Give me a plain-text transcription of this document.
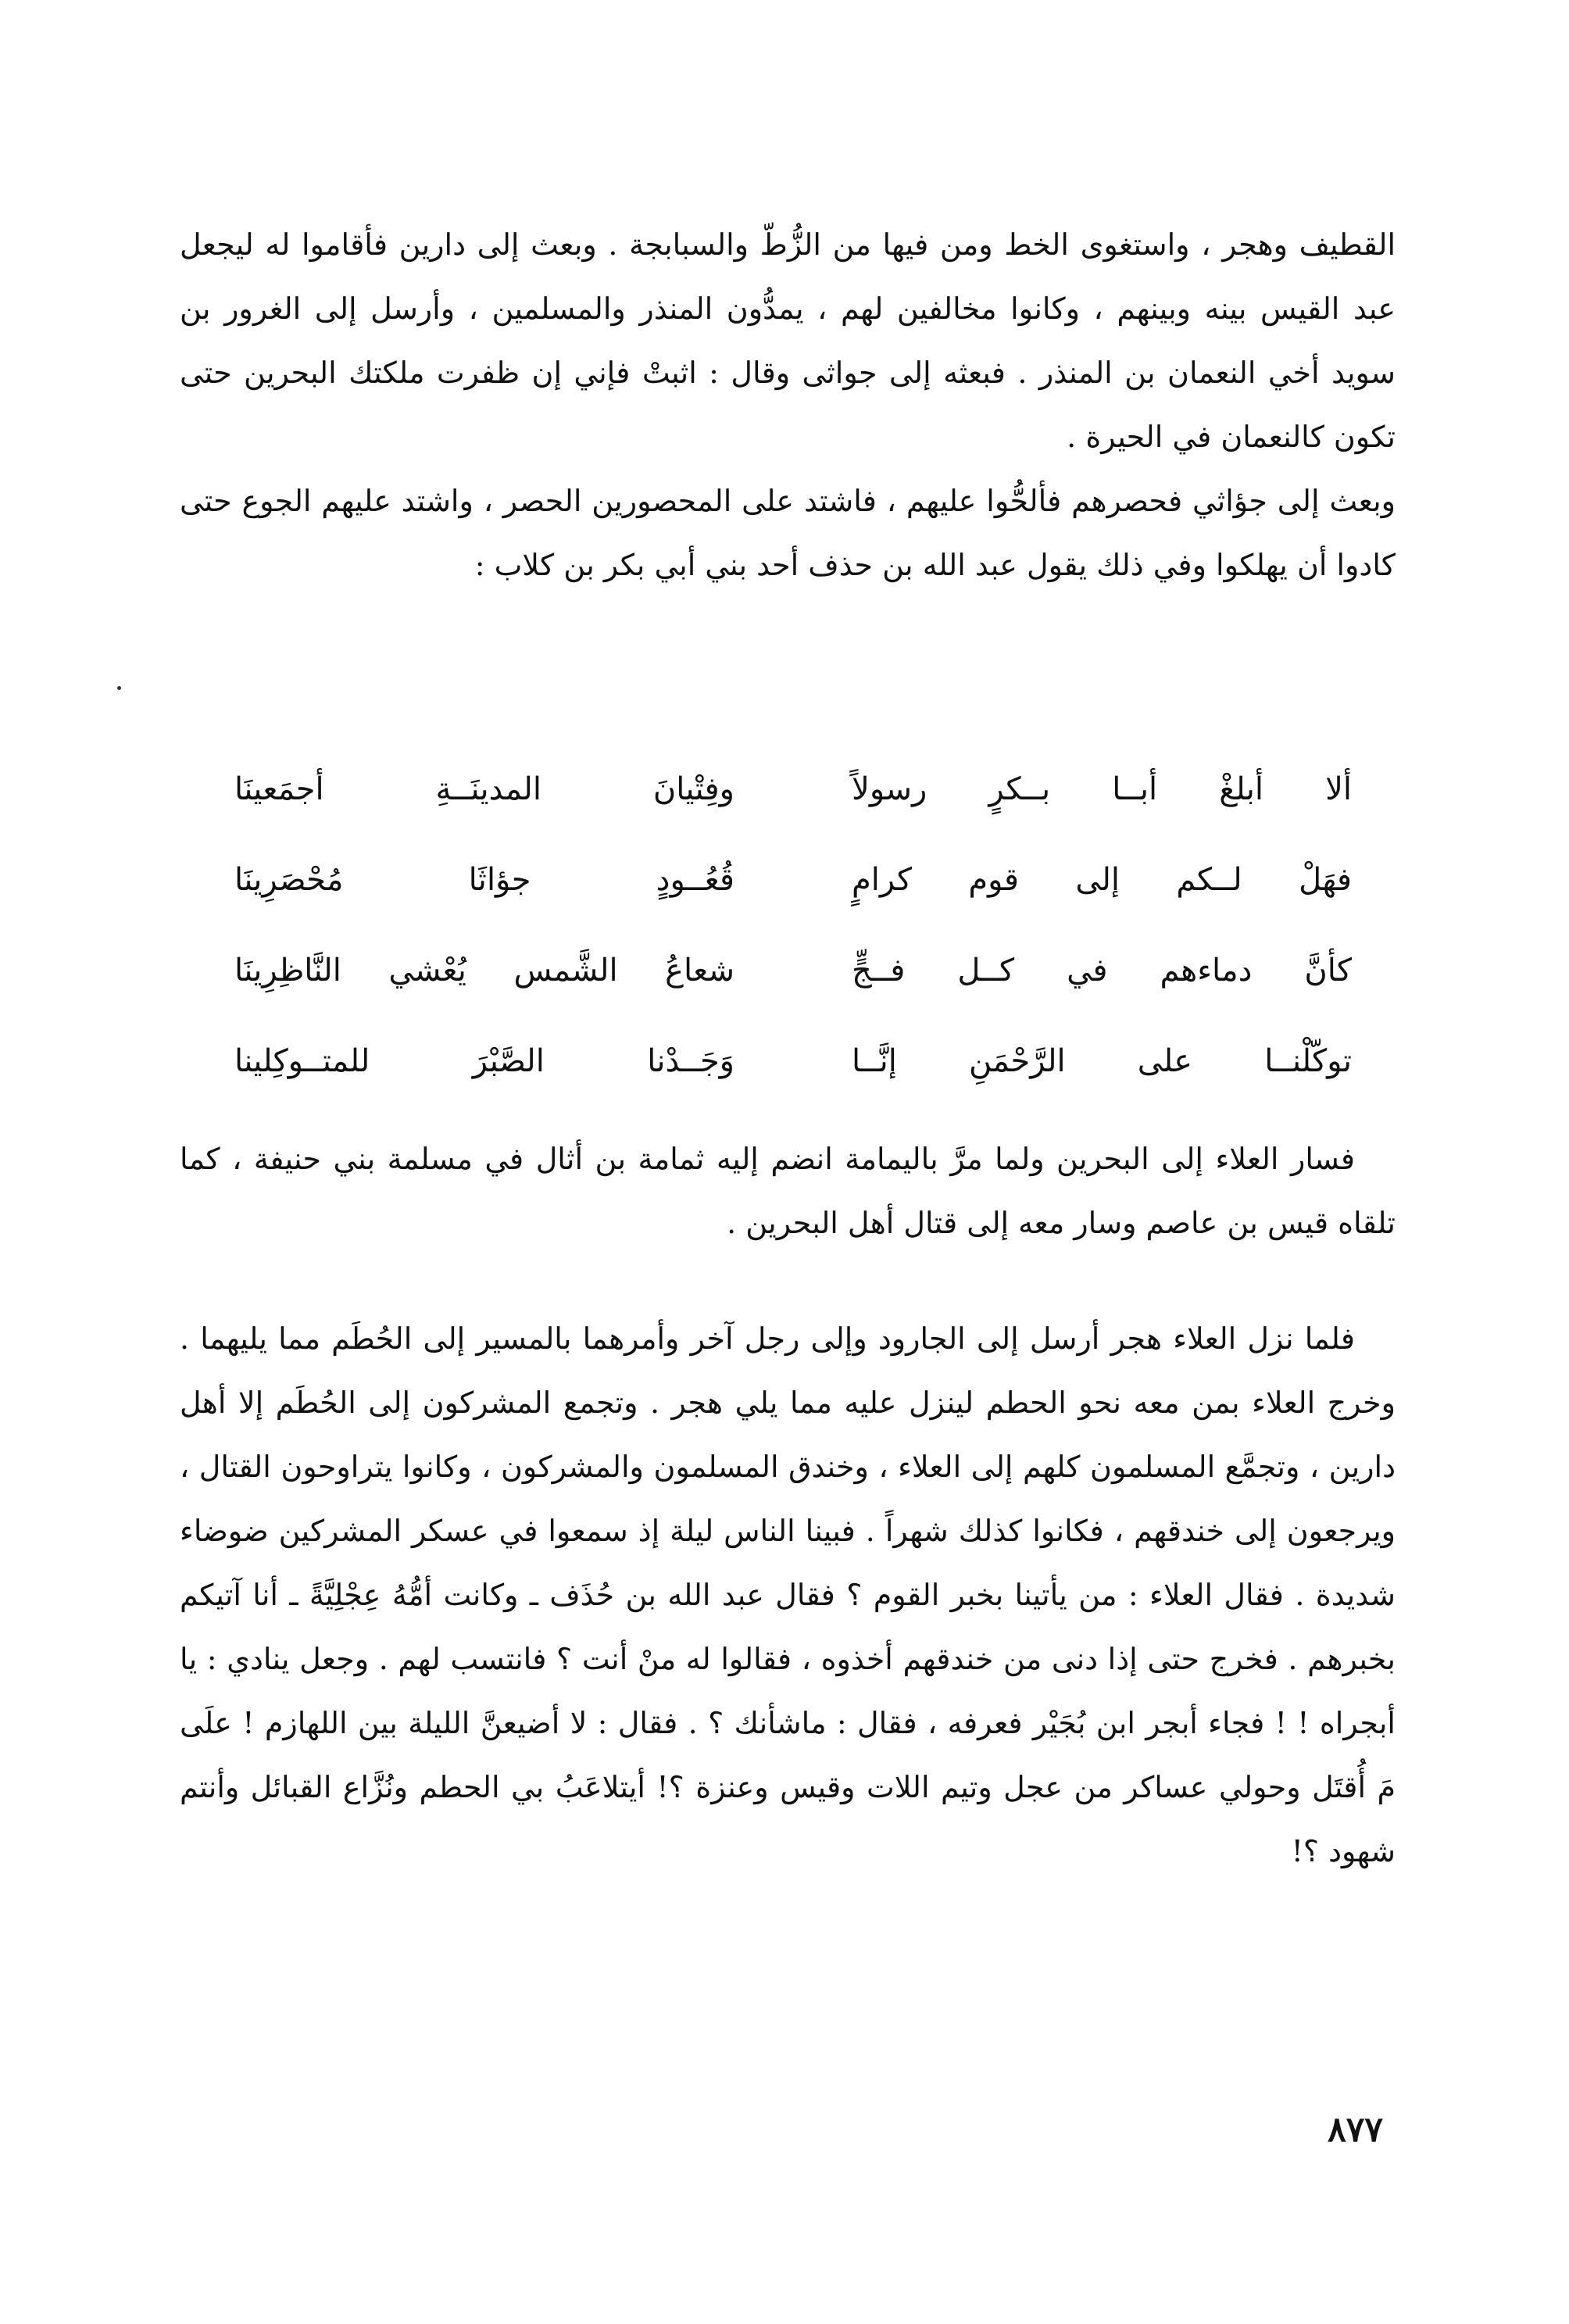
القطيف وهجر ، واستغوى الخط ومن فيها من الزُّطّ والسبابجة . وبعث إلى دارين فأقاموا له ليجعل عبد القيس بينه وبينهم ، وكانوا مخالفين لهم ، يمدُّون المنذر والمسلمين ، وأرسل إلى الغرور بن سويد أخي النعمان بن المنذر . فبعثه إلى جواثى وقال : اثبتْ فإني إن ظفرت ملكتك البحرين حتى تكون كالنعمان في الحيرة .

وبعث إلى جؤاثي فحصرهم فألحُّوا عليهم ، فاشتد على المحصورين الحصر ، واشتد عليهم الجوع حتى كادوا أن يهلكوا وفي ذلك يقول عبد الله بن حذف أحد بني أبي بكر بن كلاب :

ألا أبلغْ أبــا بــكرٍ رسولاً
وفِتْيانَ المدينَــةِ أجمَعينَا
فهَلْ لــكم إلى قوم كرامٍ
قُعُــودٍ جؤاثَا مُحْصَرِينَا
كأنَّ دماءهم في كــل فــجٍّ
شعاعُ الشَّمس يُعْشي النَّاظِرِينَا
توكّلْنــا على الرَّحْمَنِ إنَّــا
وَجَــدْنا الصَّبْرَ للمتــوكِلينا

فسار العلاء إلى البحرين ولما مرَّ باليمامة انضم إليه ثمامة بن أثال في مسلمة بني حنيفة ، كما تلقاه قيس بن عاصم وسار معه إلى قتال أهل البحرين .

فلما نزل العلاء هجر أرسل إلى الجارود وإلى رجل آخر وأمرهما بالمسير إلى الحُطَم مما يليهما . وخرج العلاء بمن معه نحو الحطم لينزل عليه مما يلي هجر . وتجمع المشركون إلى الحُطَم إلا أهل دارين ، وتجمَّع المسلمون كلهم إلى العلاء ، وخندق المسلمون والمشركون ، وكانوا يتراوحون القتال ، ويرجعون إلى خندقهم ، فكانوا كذلك شهراً . فبينا الناس ليلة إذ سمعوا في عسكر المشركين ضوضاء شديدة . فقال العلاء : من يأتينا بخبر القوم ؟ فقال عبد الله بن حُذَف ـ وكانت أمُّهُ عِجْلِيَّةً ـ أنا آتيكم بخبرهم . فخرج حتى إذا دنى من خندقهم أخذوه ، فقالوا له منْ أنت ؟ فانتسب لهم . وجعل ينادي : يا أبجراه ! ! فجاء أبجر ابن بُجَيْر فعرفه ، فقال : ماشأنك ؟ . فقال : لا أضيعنَّ الليلة بين اللهازم ! علَى مَ أُقتَل وحولي عساكر من عجل وتيم اللات وقيس وعنزة ؟! أيتلاعَبُ بي الحطم ونُزَّاع القبائل وأنتم شهود ؟!

٨٧٧
